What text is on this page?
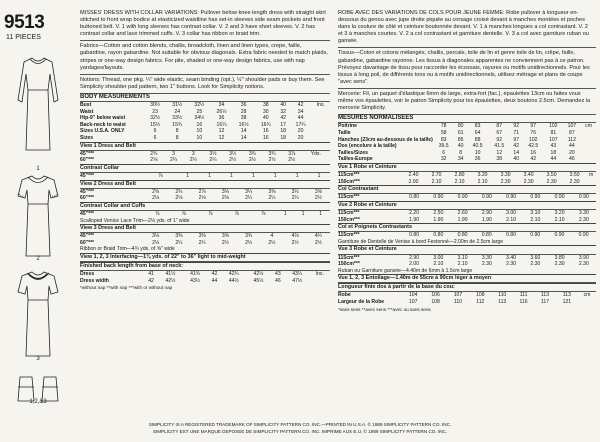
9513
11 PIECES
1
2
3
1,2,&3
MISSES' DRESS WITH COLLAR VARIATIONS: Pullover below knee length dress with straight skirt stitched to front wrap bodice at elasticized waistline has set-in sleeves side seam pockets and front buttoned belt. V. 1 with long sleeves has contrast collar. V. 2 and 3 have short sleeves. V. 2 has contrast collar and lace trimmed cuffs. V. 3 collar has ribbon or braid trim.
Fabrics—Cotton and cotton blends, challis, broadcloth, linen and linen types, crepe, faille, gabardine, rayon gabardine. Not suitable for obvious diagonals. Extra fabric needed to match plaids, stripes or one-way design fabrics. For pile, shaded or one-way design fabrics, use with nap yardages/layouts.
Notions: Thread, one pkg. ¼" wide elastic, seam binding (opt.), ½" shoulder pads or buy them. See Simplicity shoulder pad pattern, two 1" buttons. Look for Simplicity notions.
BODY MEASUREMENTS
Bust	30½	31½	32½	34	36	38	40	42	Ins.
Waist	23	24	25	26½	28	30	32	34	
Hip-9" below waist	32½	33½	34½	36	38	40	42	44	
Back-neck to waist	15½	15¾	16	16¼	16½	16¾	17	17¼	
Sizes U.S.A. ONLY	6	8	10	12	14	16	18	20	
Sizes	6	8	10	12	14	16	18	20	
View 1 Dress and Belt
45"***	2¾	3	3	3½	3½	3¾	3¾	3⅞	Yds.
60"***	2⅛	2¼	2¼	2¼	2½	2½	2½	2½	
Contrast Collar
45"***	⅞	1	1	1	1	1	1	1	
View 2 Dress and Belt
45"***	2⅝	2¾	2⅞	3⅛	3¼	3⅜	3½	3⅝	
60"***	2⅛	2⅛	2⅛	2⅛	2¼	2¼	2¼	2½	
Contrast Collar and Cuffs
45"***	⅞	⅞	⅞	⅞	⅞	1	1	1	
Scalloped Venice Lace Trim—2⅛ yds. of 1" wide
View 3 Dress and Belt
45"***	3⅛	3⅜	3⅜	3⅝	3¾	4	4⅛	4¼	
60"***	2⅛	2¼	2¼	2½	2½	2½	2½	2½	
Ribbon or Braid Trim—4¾ yds. of ⅝" wide									
View 1, 2, 3 Interfacing—1⅛ yds. of 22" to 36" light to mid-weight
Finished back length from base of neck:
Dress	41	41½	41¾	42	42¼	42½	43	43¼	Ins.
Dress width	42	42½	43½	44	44½	45½	46	47½	
*without nap **with nap ***with or without nap
ROBE AVEC DES VARIATIONS DE COLS POUR JEUNE FEMME: Robe pullover à longueur en-dessous du genou avec jupe droite piquée au corsage croisé devant à manches montées et poches dans la couture de côté et ceinture boutonnée devant. V. 1 à manches longues a col contrastant. V. 2 et 3 à manches courtes. V. 2 a col contrastant et garniture dentelle. V. 3 a col avec garniture ruban ou gansée.
Tissus—Coton et cotons mélangés, challis, percale, toile de lin et genre toile de lin, crêpe, faille, gabardine, gabardine rayonne. Les tissus à diagonales apparentes ne conviennent pas à ce patron. Prévoyez davantage de tissu pour raccorder les écossais, rayures ou motifs unidirectionnels. Pour les tissus à long poil, de différents tons ou à motifs unidirectionnels, utilisez métrage et plans de coupe "avec sens".
Mercerie: Fil, un paquet d'élastique 6mm de large, extra-fort (fac.), épaulettes 13cm ou faites vous même vos épaulettes, voir le patron Simplicity pour les épaulettes, deux boutons 2.5cm. Demandez la mercerie Simplicity.
MESURES NORMALISEES
Poitrine	78	80	83	87	92	97	102	107	cm
Taille	58	61	64	67	71	76	81	87	
Hanches (23cm au-dessous de la taille)	83	85	88	92	97	102	107	112	
Dos (encolure à la taille)	39.5	40	40.5	41.5	42	42.5	43	44	
Tailles/Sizes	6	8	10	12	14	16	18	20	
Tailles-Europe	32	34	36	38	40	42	44	46	
Vue 1 Robe et Ceinture
115cm***	2.40	2.70	2.80	3.20	3.30	3.40	3.50	3.50	m
150cm***	2.00	2.10	2.10	2.10	2.30	2.30	2.30	2.30	
Col Contrastant
115cm***	0.80	0.90	0.90	0.90	0.90	0.90	0.90	0.90	
Vue 2 Robe et Ceinture
115cm***	2.20	2.50	2.60	2.90	3.00	3.10	3.20	3.30	
150cm***	1.90	1.90	1.90	1.90	2.10	2.10	2.10	2.30	
Col et Poignets Contrastants
115cm***	0.80	0.80	0.80	0.80	0.80	0.90	0.90	0.90	
Garniture de Dentelle de Venise à bord Festonné—2.00m de 2.5cm large
Vue 3 Robe et Ceinture
115cm***	2.90	3.00	3.10	3.30	3.40	3.60	3.80	3.90	
150cm***	2.00	2.10	2.10	2.30	2.30	2.30	2.30	2.30	
Ruban ou Garniture gansée—4.40m de 6mm à 1.5cm large									
Vue 1, 2, 3 Entoilage—1.40m de 55cm à 90cm léger à moyen
Longueur finie dos à partir de la base du cou:
Robe	104	106	107	108	110	111	113	113	cm
Largeur de la Robe	107	108	110	112	113	116	117	121	
*sans sens **avec sens ***avec ou sans sens
SIMPLICITY IS A REGISTERED TRADEMARK OF SIMPLICITY PATTERN CO. INC.—PRINTED IN U.S.A. © 1989 SIMPLICITY PATTERN CO. INC.
SIMPLICITY EST UNE MARQUE DEPOSEE DE SIMPLICITY PATTERN CO. INC. IMPRIME AUX E.U. © 1989 SIMPLICITY PATTERN CO. INC.
